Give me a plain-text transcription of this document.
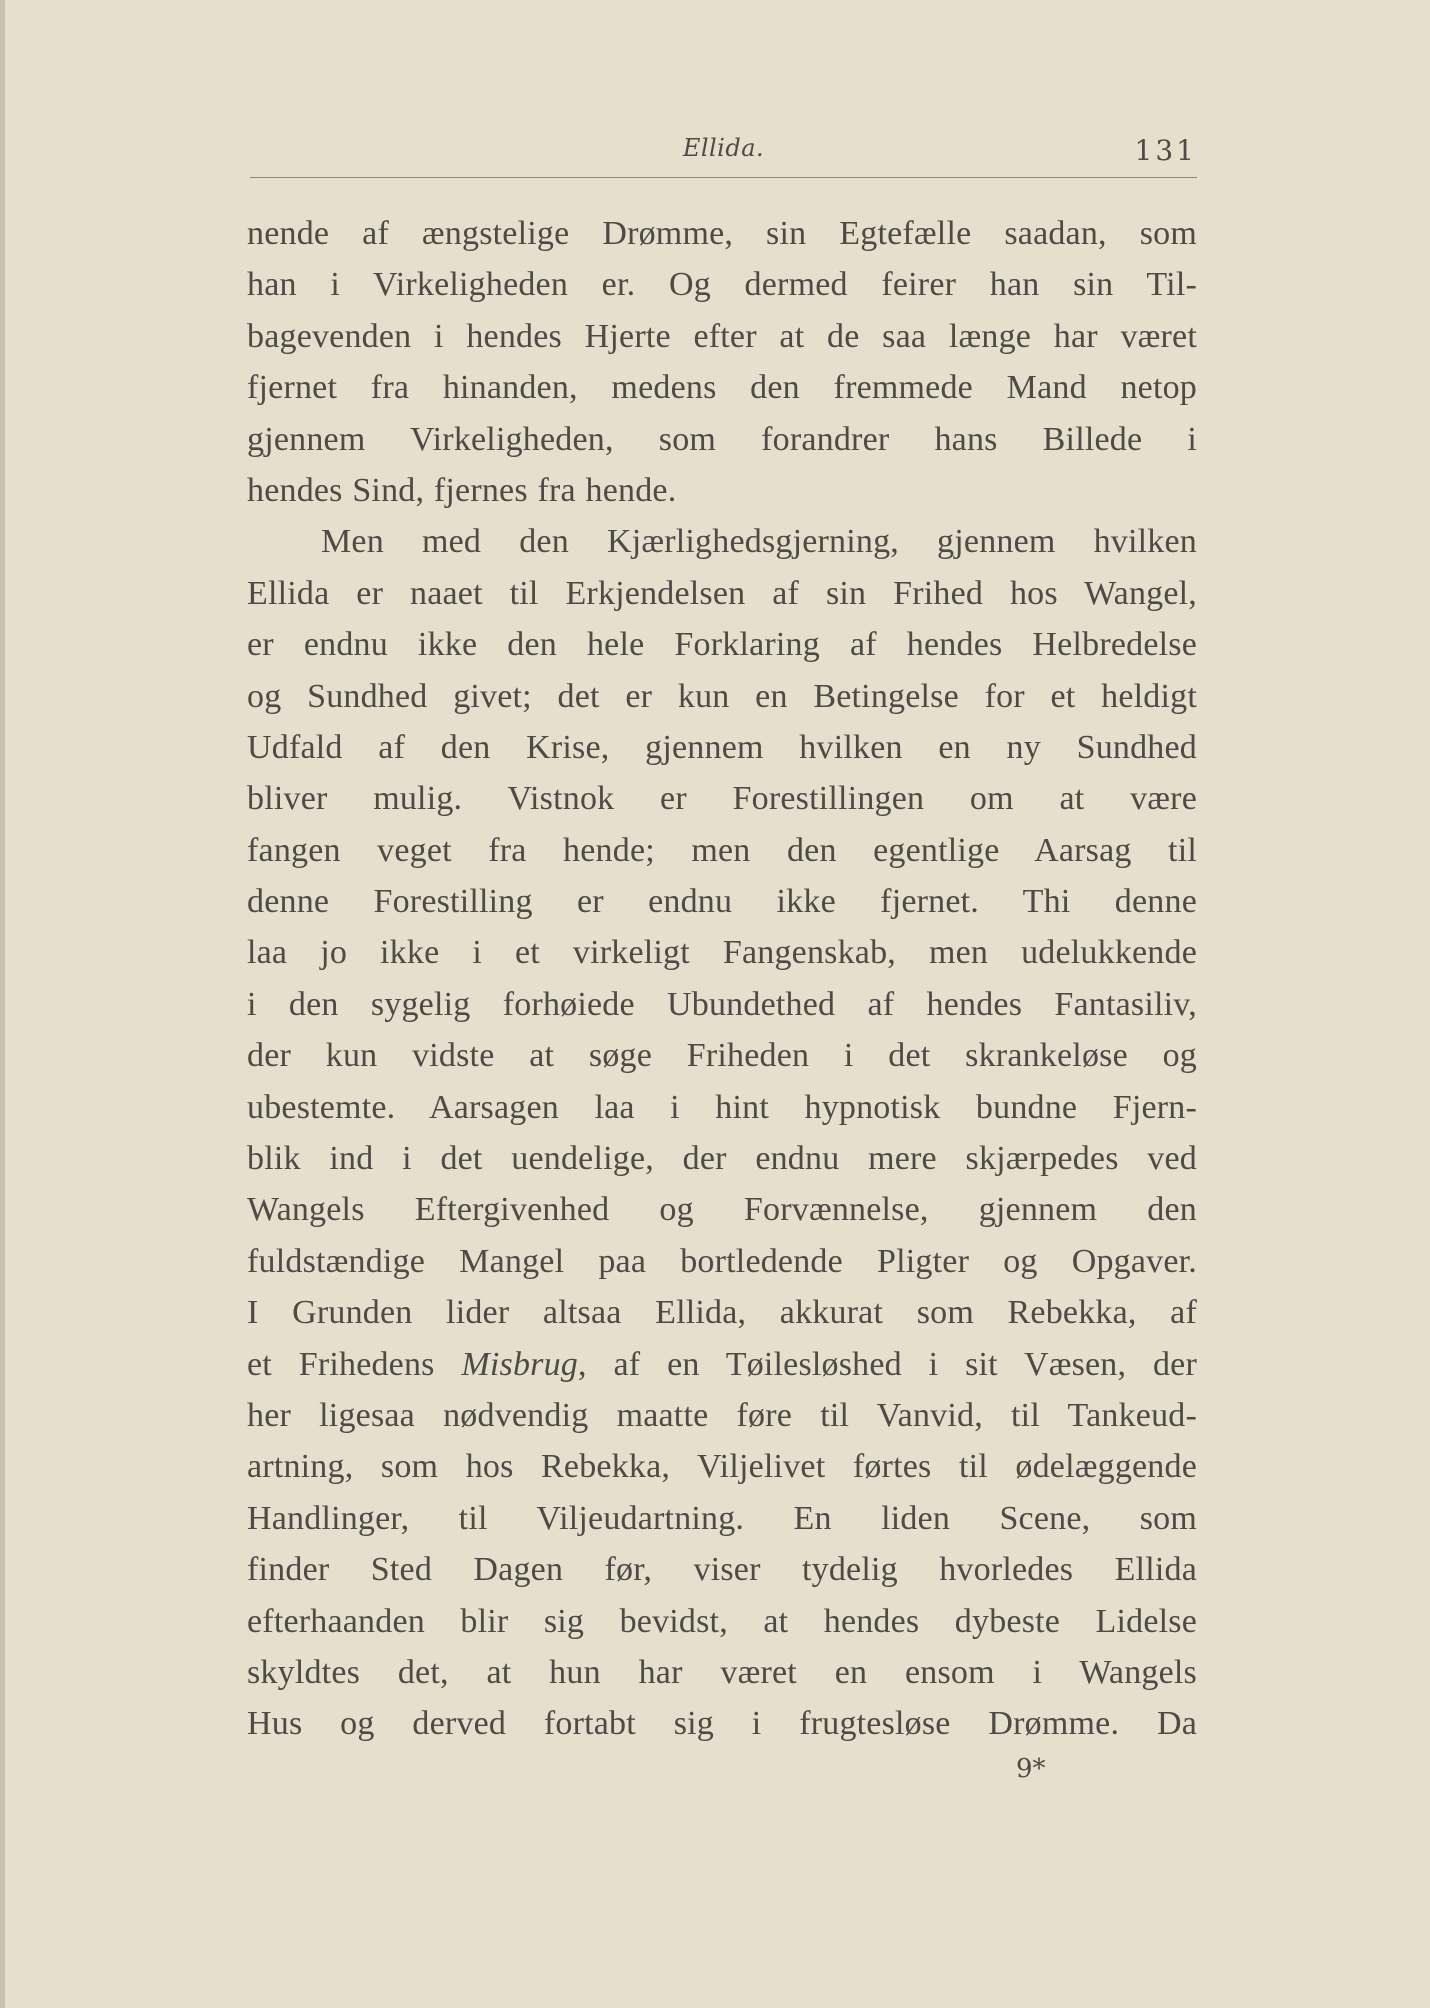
Ellida.	131
nende af ængstelige Drømme, sin Egtefælle saadan, som
han i Virkeligheden er. Og dermed feirer han sin Til-
bagevenden i hendes Hjerte efter at de saa længe har været
fjernet fra hinanden, medens den fremmede Mand netop
gjennem Virkeligheden, som forandrer hans Billede i
hendes Sind, fjernes fra hende.
Men med den Kjærlighedsgjerning, gjennem hvilken
Ellida er naaet til Erkjendelsen af sin Frihed hos Wangel,
er endnu ikke den hele Forklaring af hendes Helbredelse
og Sundhed givet; det er kun en Betingelse for et heldigt
Udfald af den Krise, gjennem hvilken en ny Sundhed
bliver mulig. Vistnok er Forestillingen om at være
fangen veget fra hende; men den egentlige Aarsag til
denne Forestilling er endnu ikke fjernet. Thi denne
laa jo ikke i et virkeligt Fangenskab, men udelukkende
i den sygelig forhøiede Ubundethed af hendes Fantasiliv,
der kun vidste at søge Friheden i det skrankeløse og
ubestemte. Aarsagen laa i hint hypnotisk bundne Fjern-
blik ind i det uendelige, der endnu mere skjærpedes ved
Wangels Eftergivenhed og Forvænnelse, gjennem den
fuldstændige Mangel paa bortledende Pligter og Opgaver.
I Grunden lider altsaa Ellida, akkurat som Rebekka, af
et Frihedens Misbrug, af en Tøilesløshed i sit Væsen, der
her ligesaa nødvendig maatte føre til Vanvid, til Tankeud-
artning, som hos Rebekka, Viljelivet førtes til ødelæggende
Handlinger, til Viljeudartning. En liden Scene, som
finder Sted Dagen før, viser tydelig hvorledes Ellida
efterhaanden blir sig bevidst, at hendes dybeste Lidelse
skyldtes det, at hun har været en ensom i Wangels
Hus og derved fortabt sig i frugtesløse Drømme. Da
9*
